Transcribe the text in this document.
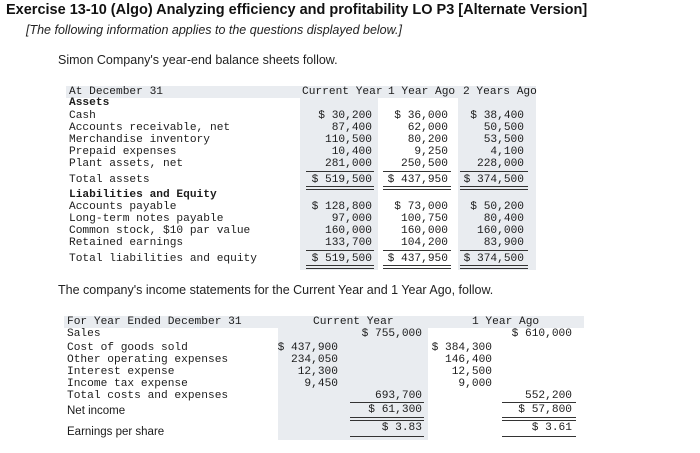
Exercise 13-10 (Algo) Analyzing efficiency and profitability LO P3 [Alternate Version]
[The following information applies to the questions displayed below.]
Simon Company's year-end balance sheets follow.
At December 31	Current Year 1 Year Ago 2 Years Ago
Assets
Cash	$ 30,200	$ 36,000	$ 38,400
Accounts receivable, net	87,400	62,000	50,500
Merchandise inventory	110,500	80,200	53,500
Prepaid expenses	10,400	9,250	4,100
Plant assets, net	281,000	250,500	228,000
Total assets	$ 519,500	$ 437,950	$ 374,500
Liabilities and Equity
Accounts payable	$ 128,800	$ 73,000	$ 50,200
Long-term notes payable	97,000	100,750	80,400
Common stock, $10 par value	160,000	160,000	160,000
Retained earnings	133,700	104,200	83,900
Total liabilities and equity	$ 519,500	$ 437,950	$ 374,500
The company's income statements for the Current Year and 1 Year Ago, follow.
For Year Ended December 31	Current Year	1 Year Ago
Sales	$ 755,000	$ 610,000
Cost of goods sold	$ 437,900	$ 384,300
Other operating expenses	234,050	146,400
Interest expense	12,300	12,500
Income tax expense	9,450	9,000
Total costs and expenses	693,700	552,200
Net income	$ 61,300	$ 57,800
Earnings per share	$ 3.83	$ 3.61
